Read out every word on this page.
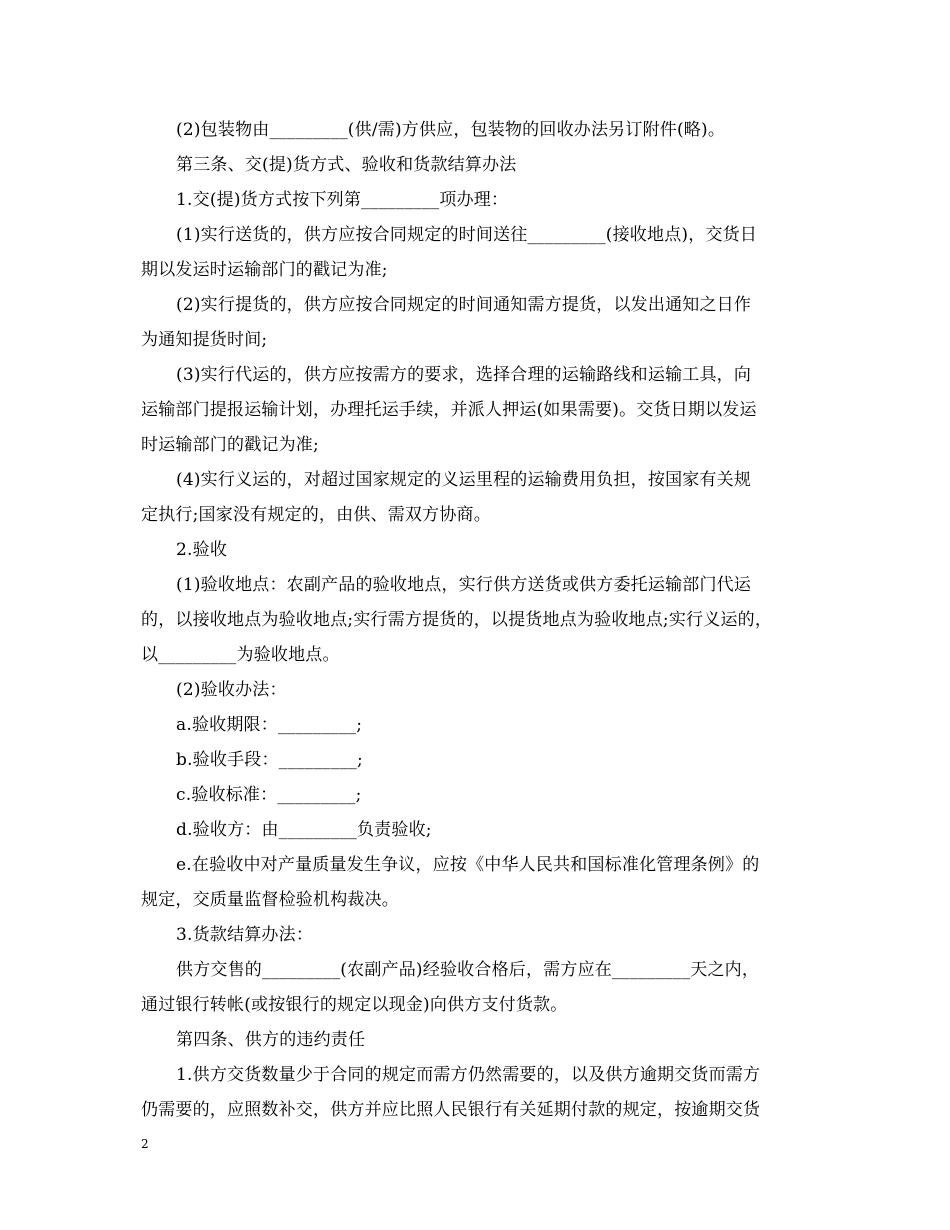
(2)包装物由_________(供/需)方供应，包装物的回收办法另订附件(略)。
第三条、交(提)货方式、验收和货款结算办法
1.交(提)货方式按下列第_________项办理：
(1)实行送货的，供方应按合同规定的时间送往_________(接收地点)，交货日
期以发运时运输部门的戳记为准;
(2)实行提货的，供方应按合同规定的时间通知需方提货，以发出通知之日作
为通知提货时间;
(3)实行代运的，供方应按需方的要求，选择合理的运输路线和运输工具，向
运输部门提报运输计划，办理托运手续，并派人押运(如果需要)。交货日期以发运
时运输部门的戳记为准;
(4)实行义运的，对超过国家规定的义运里程的运输费用负担，按国家有关规
定执行;国家没有规定的，由供、需双方协商。
2.验收
(1)验收地点：农副产品的验收地点，实行供方送货或供方委托运输部门代运
的，以接收地点为验收地点;实行需方提货的，以提货地点为验收地点;实行义运的，
以_________为验收地点。
(2)验收办法：
a.验收期限：_________;
b.验收手段：_________;
c.验收标准：_________;
d.验收方：由_________负责验收;
e.在验收中对产量质量发生争议，应按《中华人民共和国标准化管理条例》的
规定，交质量监督检验机构裁决。
3.货款结算办法：
供方交售的_________(农副产品)经验收合格后，需方应在_________天之内，
通过银行转帐(或按银行的规定以现金)向供方支付货款。
第四条、供方的违约责任
1.供方交货数量少于合同的规定而需方仍然需要的，以及供方逾期交货而需方
仍需要的，应照数补交，供方并应比照人民银行有关延期付款的规定，按逾期交货
2
